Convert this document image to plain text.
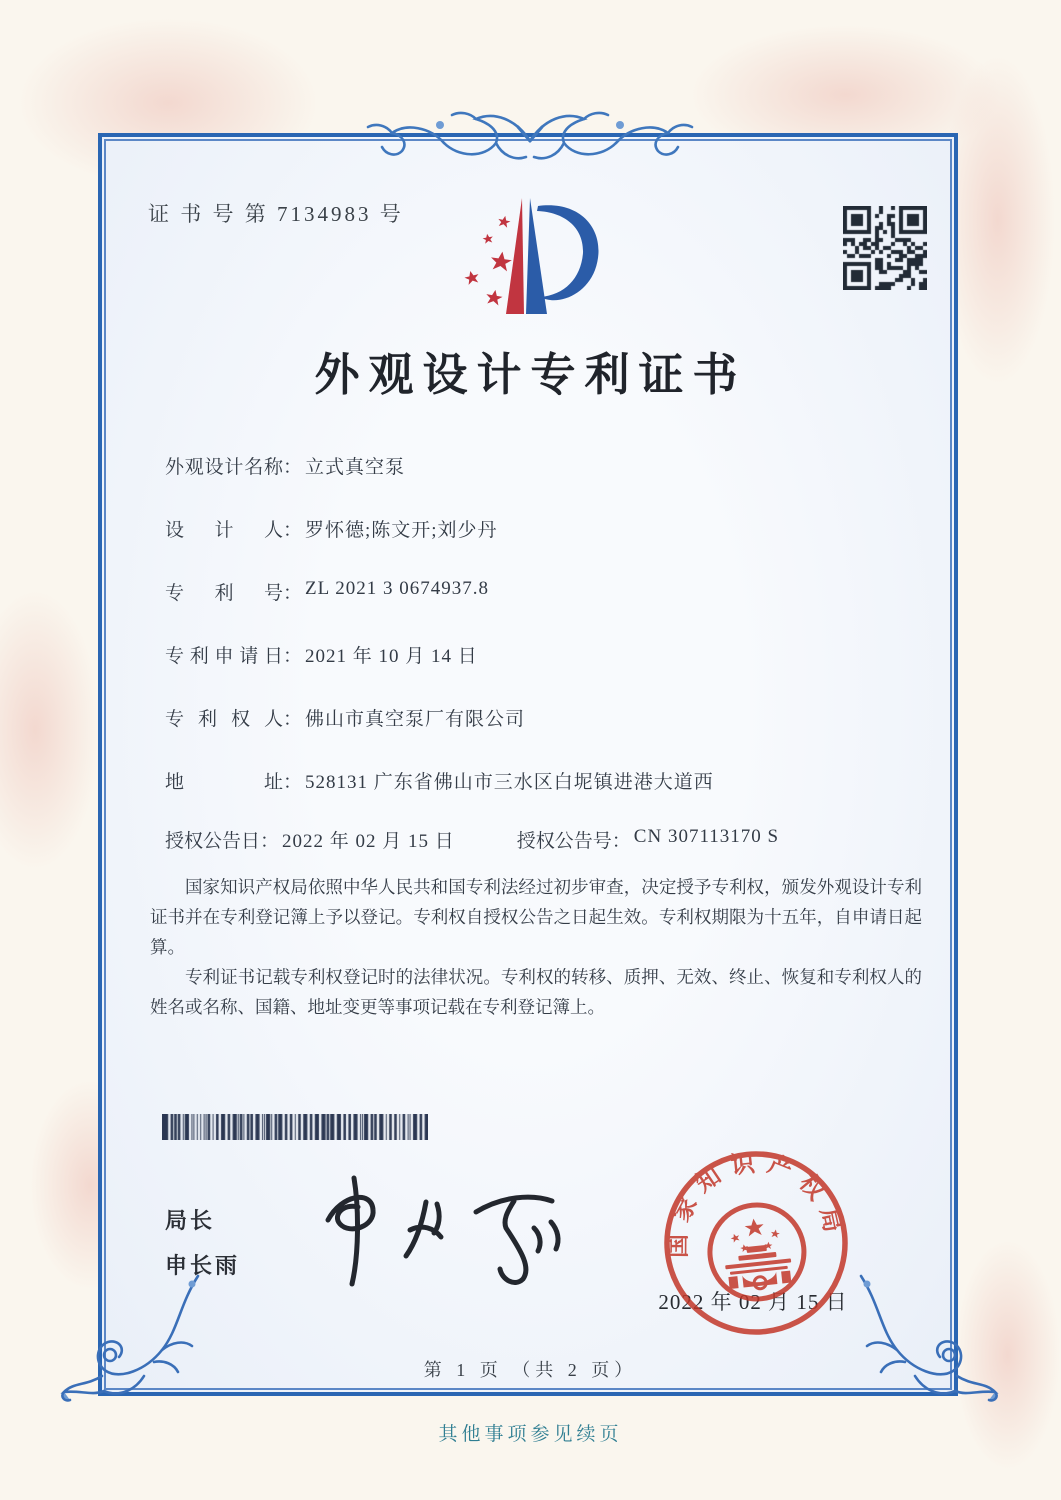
证 书 号 第 7134983 号
外观设计专利证书
外观设计名称 ： 立式真空泵
设计人 ： 罗怀德;陈文开;刘少丹
专利号 ： ZL 2021 3 0674937.8
专利申请日 ： 2021 年 10 月 14 日
专利权人 ： 佛山市真空泵厂有限公司
地址 ： 528131 广东省佛山市三水区白坭镇进港大道西
授权公告日 ： 2022 年 02 月 15 日	授权公告号 ： CN 307113170 S

国家知识产权局依照中华人民共和国专利法经过初步审查，决定授予专利权，颁发外观设计专利证书并在专利登记簿上予以登记。专利权自授权公告之日起生效。专利权期限为十五年，自申请日起算。

专利证书记载专利权登记时的法律状况。专利权的转移、质押、无效、终止、恢复和专利权人的姓名或名称、国籍、地址变更等事项记载在专利登记簿上。

局长
申长雨
2022 年 02 月 15 日
国家知识产权局
第 1 页 （共 2 页）
其他事项参见续页
